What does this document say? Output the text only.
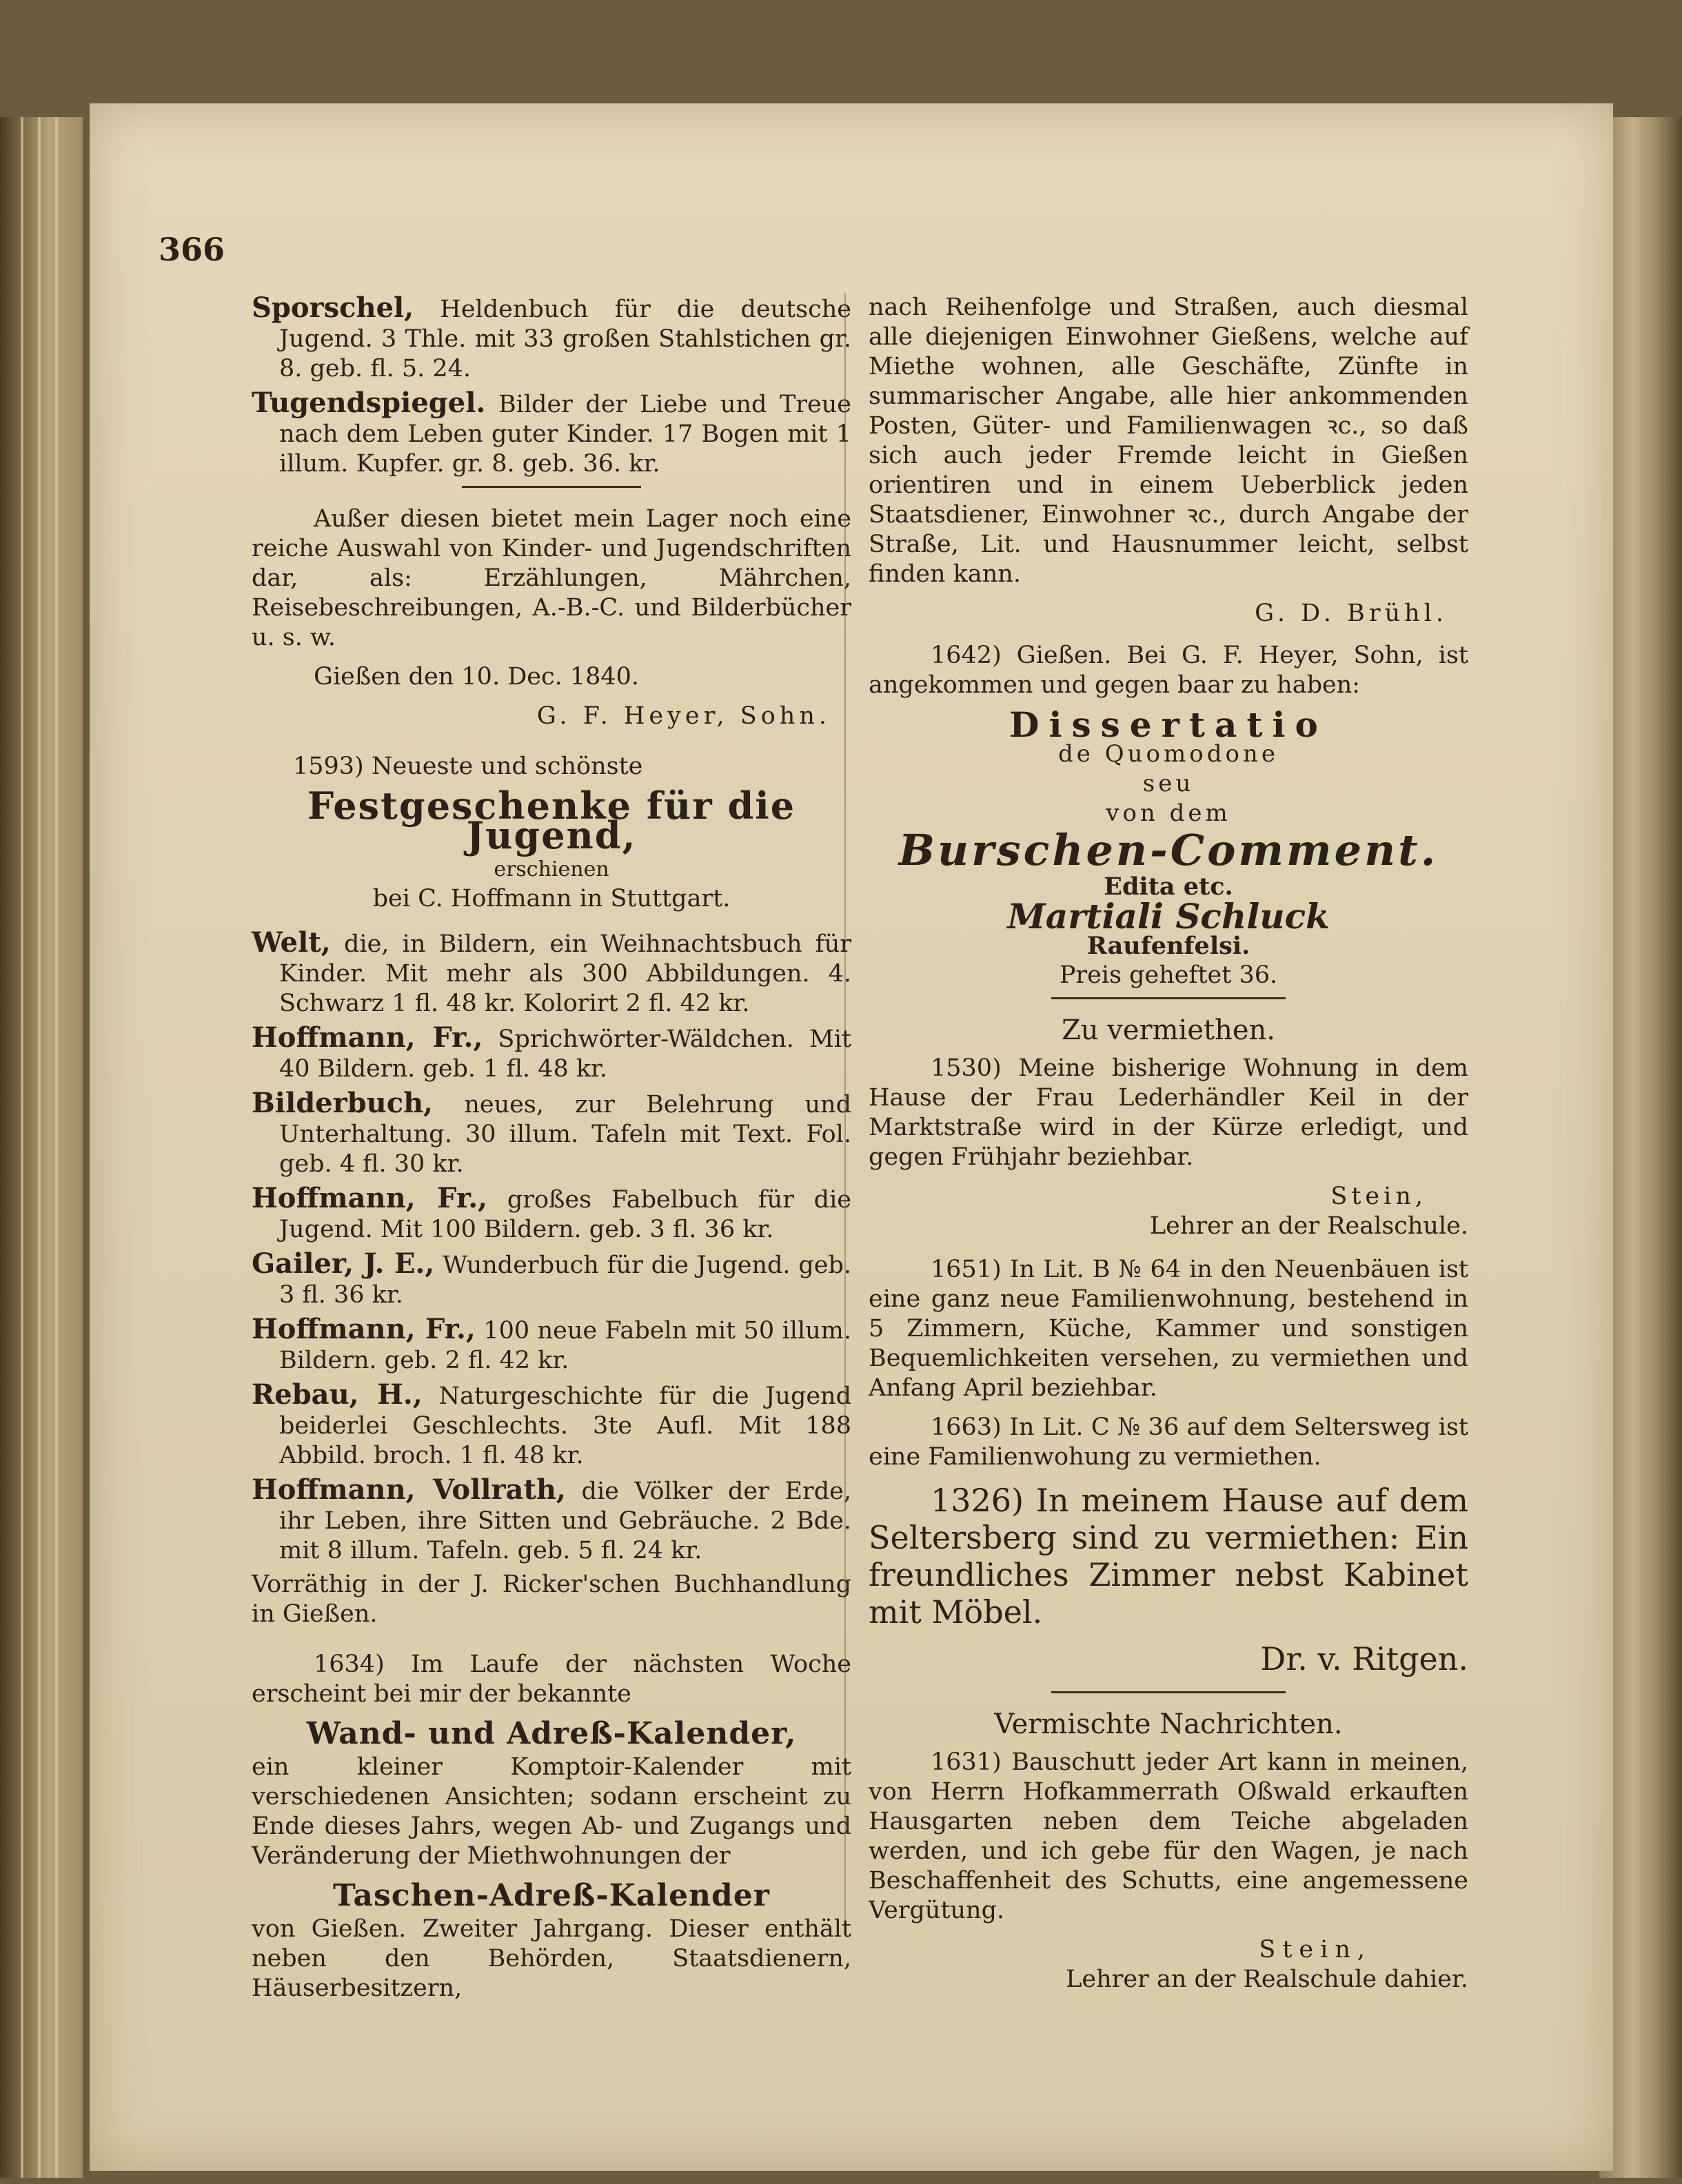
366
Sporschel, Heldenbuch für die deutsche Jugend. 3 Thle. mit 33 großen Stahlstichen gr. 8. geb. fl. 5. 24.
Tugendspiegel. Bilder der Liebe und Treue nach dem Leben guter Kinder. 17 Bogen mit 1 illum. Kupfer. gr. 8. geb. 36. kr.
Außer diesen bietet mein Lager noch eine reiche Auswahl von Kinder- und Jugendschriften dar, als: Erzählungen, Mährchen, Reisebeschreibungen, A.-B.-C. und Bilderbücher u. s. w.
Gießen den 10. Dec. 1840.
G. F. Heyer, Sohn.
1593) Neueste und schönste
Festgeschenke für die Jugend,
erschienen
bei C. Hoffmann in Stuttgart.
Welt, die, in Bildern, ein Weihnachtsbuch für Kinder. Mit mehr als 300 Abbildungen. 4. Schwarz 1 fl. 48 kr. Kolorirt 2 fl. 42 kr.
Hoffmann, Fr., Sprichwörter-Wäldchen. Mit 40 Bildern. geb. 1 fl. 48 kr.
Bilderbuch, neues, zur Belehrung und Unterhaltung. 30 illum. Tafeln mit Text. Fol. geb. 4 fl. 30 kr.
Hoffmann, Fr., großes Fabelbuch für die Jugend. Mit 100 Bildern. geb. 3 fl. 36 kr.
Gailer, J. E., Wunderbuch für die Jugend. geb. 3 fl. 36 kr.
Hoffmann, Fr., 100 neue Fabeln mit 50 illum. Bildern. geb. 2 fl. 42 kr.
Rebau, H., Naturgeschichte für die Jugend beiderlei Geschlechts. 3te Aufl. Mit 188 Abbild. broch. 1 fl. 48 kr.
Hoffmann, Vollrath, die Völker der Erde, ihr Leben, ihre Sitten und Gebräuche. 2 Bde. mit 8 illum. Tafeln. geb. 5 fl. 24 kr.
Vorräthig in der J. Ricker'schen Buchhandlung in Gießen.
1634) Im Laufe der nächsten Woche erscheint bei mir der bekannte
Wand- und Adreß-Kalender,
ein kleiner Komptoir-Kalender mit verschiedenen Ansichten; sodann erscheint zu Ende dieses Jahrs, wegen Ab- und Zugangs und Veränderung der Miethwohnungen der
Taschen-Adreß-Kalender
von Gießen. Zweiter Jahrgang. Dieser enthält neben den Behörden, Staatsdienern, Häuserbesitzern,
nach Reihenfolge und Straßen, auch diesmal alle diejenigen Einwohner Gießens, welche auf Miethe wohnen, alle Geschäfte, Zünfte in summarischer Angabe, alle hier ankommenden Posten, Güter- und Familienwagen ꝛc., so daß sich auch jeder Fremde leicht in Gießen orientiren und in einem Ueberblick jeden Staatsdiener, Einwohner ꝛc., durch Angabe der Straße, Lit. und Hausnummer leicht, selbst finden kann.
G. D. Brühl.
1642) Gießen. Bei G. F. Heyer, Sohn, ist angekommen und gegen baar zu haben:
Dissertatio
de Quomodone
seu
von dem
Burschen-Comment.
Edita etc.
Martiali Schluck
Raufenfelsi.
Preis geheftet 36.
Zu vermiethen.
1530) Meine bisherige Wohnung in dem Hause der Frau Lederhändler Keil in der Marktstraße wird in der Kürze erledigt, und gegen Frühjahr beziehbar.
Stein,
Lehrer an der Realschule.
1651) In Lit. B № 64 in den Neuenbäuen ist eine ganz neue Familienwohnung, bestehend in 5 Zimmern, Küche, Kammer und sonstigen Bequemlichkeiten versehen, zu vermiethen und Anfang April beziehbar.
1663) In Lit. C № 36 auf dem Seltersweg ist eine Familienwohung zu vermiethen.
1326) In meinem Hause auf dem Seltersberg sind zu vermiethen: Ein freundliches Zimmer nebst Kabinet mit Möbel.
Dr. v. Ritgen.
Vermischte Nachrichten.
1631) Bauschutt jeder Art kann in meinen, von Herrn Hofkammerrath Oßwald erkauften Hausgarten neben dem Teiche abgeladen werden, und ich gebe für den Wagen, je nach Beschaffenheit des Schutts, eine angemessene Vergütung.
Stein,
Lehrer an der Realschule dahier.
